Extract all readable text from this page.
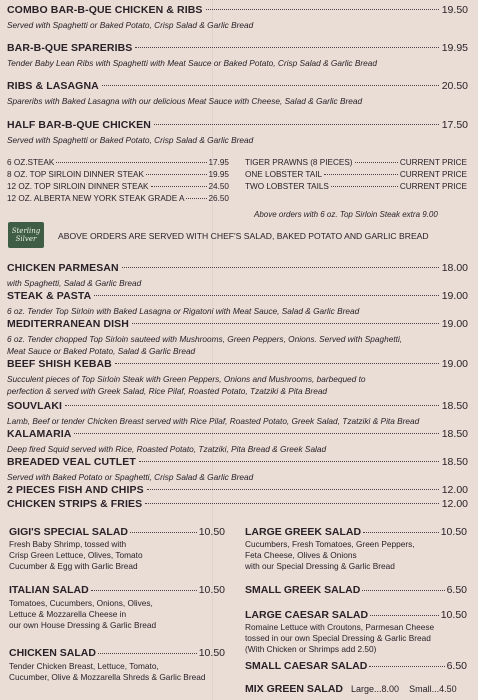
COMBO BAR-B-QUE CHICKEN & RIBS	19.50
Served with Spaghetti or Baked Potato, Crisp Salad & Garlic Bread
BAR-B-QUE SPARERIBS	19.95
Tender Baby Lean Ribs with Spaghetti with Meat Sauce or Baked Potato, Crisp Salad & Garlic Bread
RIBS & LASAGNA	20.50
Spareribs with Baked Lasagna with our delicious Meat Sauce with Cheese, Salad & Garlic Bread
HALF BAR-B-QUE CHICKEN	17.50
Served with Spaghetti or Baked Potato, Crisp Salad & Garlic Bread
6 OZ.STEAK	17.95
8 OZ. TOP SIRLOIN DINNER STEAK	19.95
12 OZ. TOP SIRLOIN DINNER STEAK	24.50
12 OZ. ALBERTA NEW YORK STEAK GRADE A	26.50
TIGER PRAWNS (8 PIECES)	CURRENT PRICE
ONE LOBSTER TAIL	CURRENT PRICE
TWO LOBSTER TAILS	CURRENT PRICE
Above orders with 6 oz. Top Sirloin Steak extra 9.00
Sterling
Silver	ABOVE ORDERS ARE SERVED WITH CHEF'S SALAD, BAKED POTATO AND GARLIC BREAD
CHICKEN PARMESAN	18.00
with Spaghetti, Salad & Garlic Bread
STEAK & PASTA	19.00
6 oz. Tender Top Sirloin with Baked Lasagna or Rigatoni with Meat Sauce, Salad & Garlic Bread
MEDITERRANEAN DISH	19.00
6 oz. Tender chopped Top Sirloin sauteed with Mushrooms, Green Peppers, Onions. Served with Spaghetti,
Meat Sauce or Baked Potato, Salad & Garlic Bread
BEEF SHISH KEBAB	19.00
Succulent pieces of Top Sirloin Steak with Green Peppers, Onions and Mushrooms, barbequed to
perfection & served with Greek Salad, Rice Pilaf, Roasted Potato, Tzatziki & Pita Bread
SOUVLAKI	18.50
Lamb, Beef or tender Chicken Breast served with Rice Pilaf, Roasted Potato, Greek Salad, Tzatziki & Pita Bread
KALAMARIA	18.50
Deep fired Squid served with Rice, Roasted Potato, Tzatziki, Pita Bread & Greek Salad
BREADED VEAL CUTLET	18.50
Served with Baked Potato or Spaghetti, Crisp Salad & Garlic Bread
2 PIECES FISH AND CHIPS	12.00
CHICKEN STRIPS & FRIES	12.00
GIGI'S SPECIAL SALAD	10.50
Fresh Baby Shrimp, tossed with
Crisp Green Lettuce, Olives, Tomato
Cucumber & Egg with Garlic Bread
ITALIAN SALAD	10.50
Tomatoes, Cucumbers, Onions, Olives,
Lettuce & Mozzarella Cheese in
our own House Dressing & Garlic Bread
CHICKEN SALAD	10.50
Tender Chicken Breast, Lettuce, Tomato,
Cucumber, Olive & Mozzarella Shreds & Garlic Bread
LARGE GREEK SALAD	10.50
Cucumbers, Fresh Tomatoes, Green Peppers,
Feta Cheese, Olives & Onions
with our Special Dressing & Garlic Bread
SMALL GREEK SALAD	6.50
LARGE CAESAR SALAD	10.50
Romaine Lettuce with Croutons, Parmesan Cheese
tossed in our own Special Dressing & Garlic Bread
(With Chicken or Shrimps add 2.50)
SMALL CAESAR SALAD	6.50
MIX GREEN SALAD Large...8.00 Small...4.50
